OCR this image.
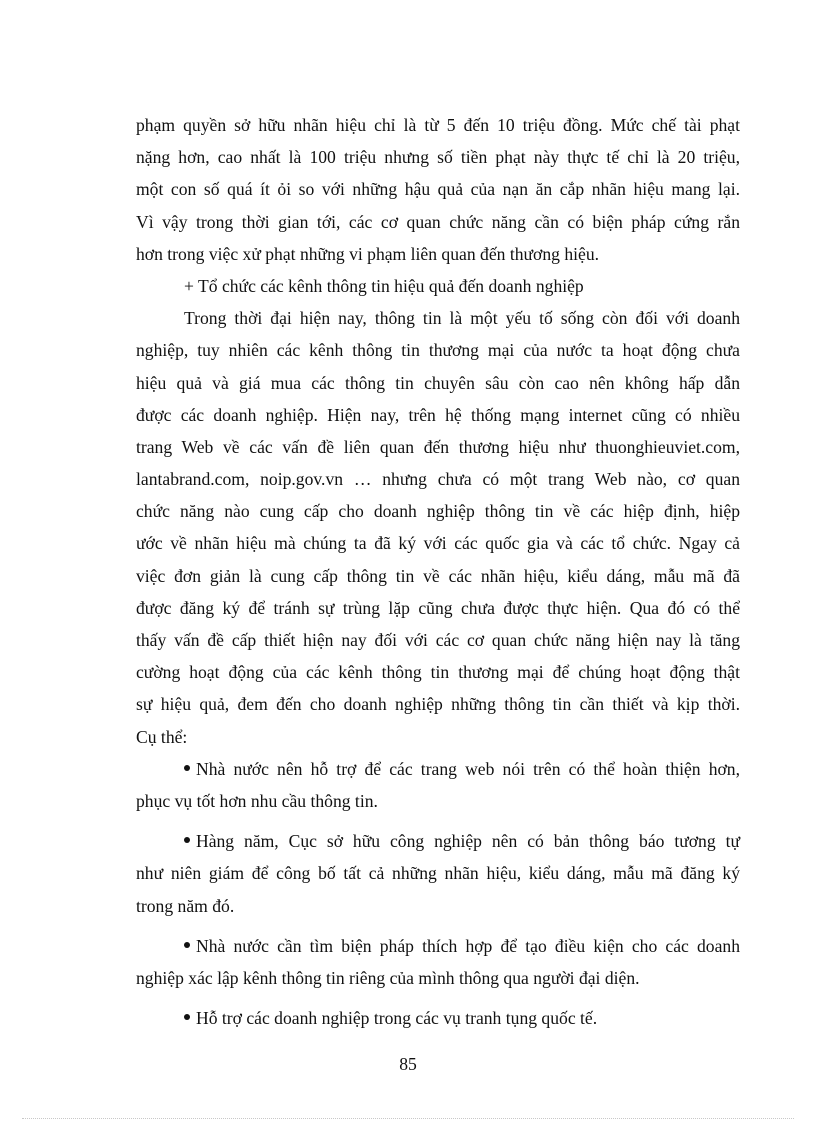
phạm quyền sở hữu nhãn hiệu chỉ là từ 5 đến 10 triệu đồng. Mức chế tài phạt
nặng hơn, cao nhất là 100 triệu nhưng số tiền phạt này thực tế chỉ là 20 triệu,
một con số quá ít ỏi so với những hậu quả của nạn ăn cắp nhãn hiệu mang lại.
Vì vậy trong thời gian tới, các cơ quan chức năng cần có biện pháp cứng rắn
hơn trong việc xử phạt những vi phạm liên quan đến thương hiệu.
+ Tổ chức các kênh thông tin hiệu quả đến doanh nghiệp
Trong thời đại hiện nay, thông tin là một yếu tố sống còn đối với doanh
nghiệp, tuy nhiên các kênh thông tin thương mại của nước ta hoạt động chưa
hiệu quả và giá mua các thông tin chuyên sâu còn cao nên không hấp dẫn
được các doanh nghiệp. Hiện nay, trên hệ thống mạng internet cũng có nhiều
trang Web về các vấn đề liên quan đến thương hiệu như thuonghieuviet.com,
lantabrand.com, noip.gov.vn … nhưng chưa có một trang Web nào, cơ quan
chức năng nào cung cấp cho doanh nghiệp thông tin về các hiệp định, hiệp
ước về nhãn hiệu mà chúng ta đã ký với các quốc gia và các tổ chức. Ngay cả
việc đơn giản là cung cấp thông tin về các nhãn hiệu, kiểu dáng, mẫu mã đã
được đăng ký để tránh sự trùng lặp cũng chưa được thực hiện. Qua đó có thể
thấy vấn đề cấp thiết hiện nay đối với các cơ quan chức năng hiện nay là tăng
cường hoạt động của các kênh thông tin thương mại để chúng hoạt động thật
sự hiệu quả, đem đến cho doanh nghiệp những thông tin cần thiết và kịp thời.
Cụ thể:
Nhà nước nên hỗ trợ để các trang web nói trên có thể hoàn thiện hơn,
phục vụ tốt hơn nhu cầu thông tin.
Hàng năm, Cục sở hữu công nghiệp nên có bản thông báo tương tự
như niên giám để công bố tất cả những nhãn hiệu, kiểu dáng, mẫu mã đăng ký
trong năm đó.
Nhà nước cần tìm biện pháp thích hợp để tạo điều kiện cho các doanh
nghiệp xác lập kênh thông tin riêng của mình thông qua người đại diện.
Hỗ trợ các doanh nghiệp trong các vụ tranh tụng quốc tế.
85
